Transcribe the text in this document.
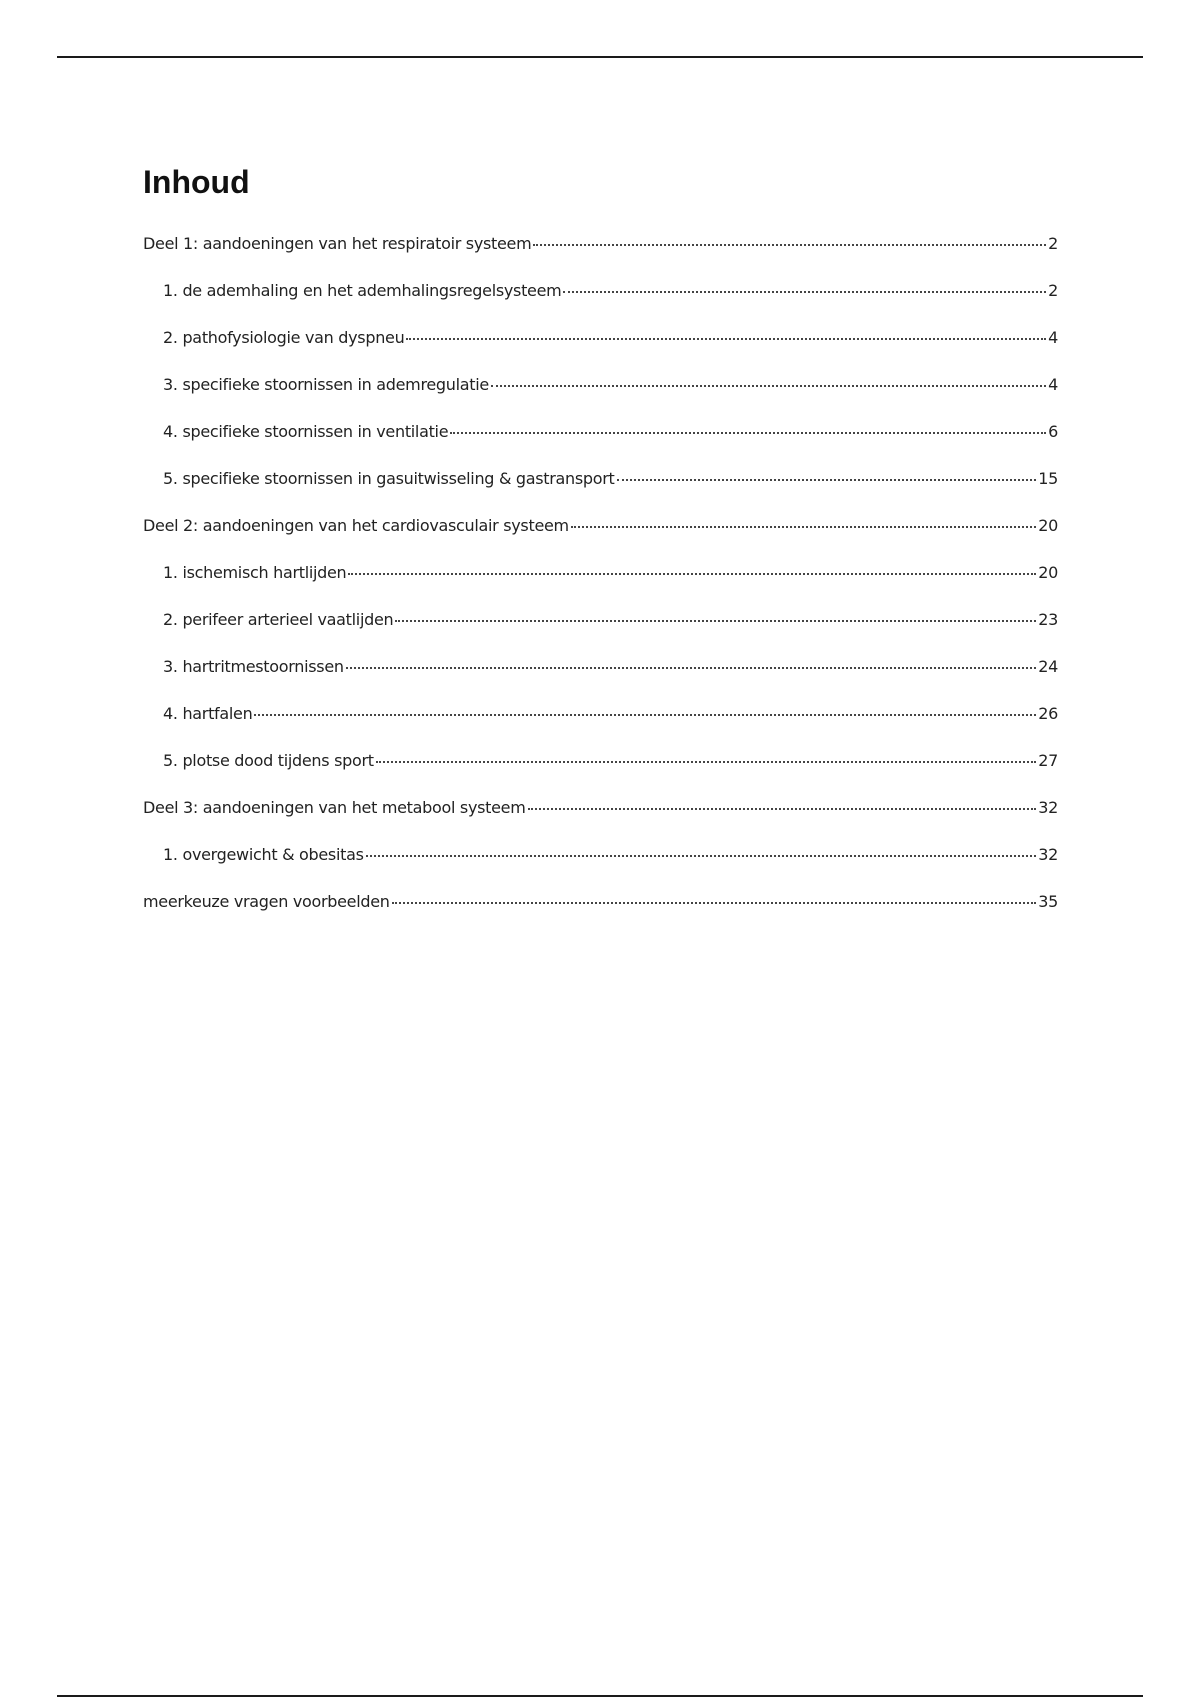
Inhoud
Deel 1: aandoeningen van het respiratoir systeem	2
1. de ademhaling en het ademhalingsregelsysteem	2
2. pathofysiologie van dyspneu	4
3. specifieke stoornissen in ademregulatie	4
4. specifieke stoornissen in ventilatie	6
5. specifieke stoornissen in gasuitwisseling & gastransport	15
Deel 2: aandoeningen van het cardiovasculair systeem	20
1. ischemisch hartlijden	20
2. perifeer arterieel vaatlijden	23
3. hartritmestoornissen	24
4. hartfalen	26
5. plotse dood tijdens sport	27
Deel 3: aandoeningen van het metabool systeem	32
1. overgewicht & obesitas	32
meerkeuze vragen voorbeelden	35
